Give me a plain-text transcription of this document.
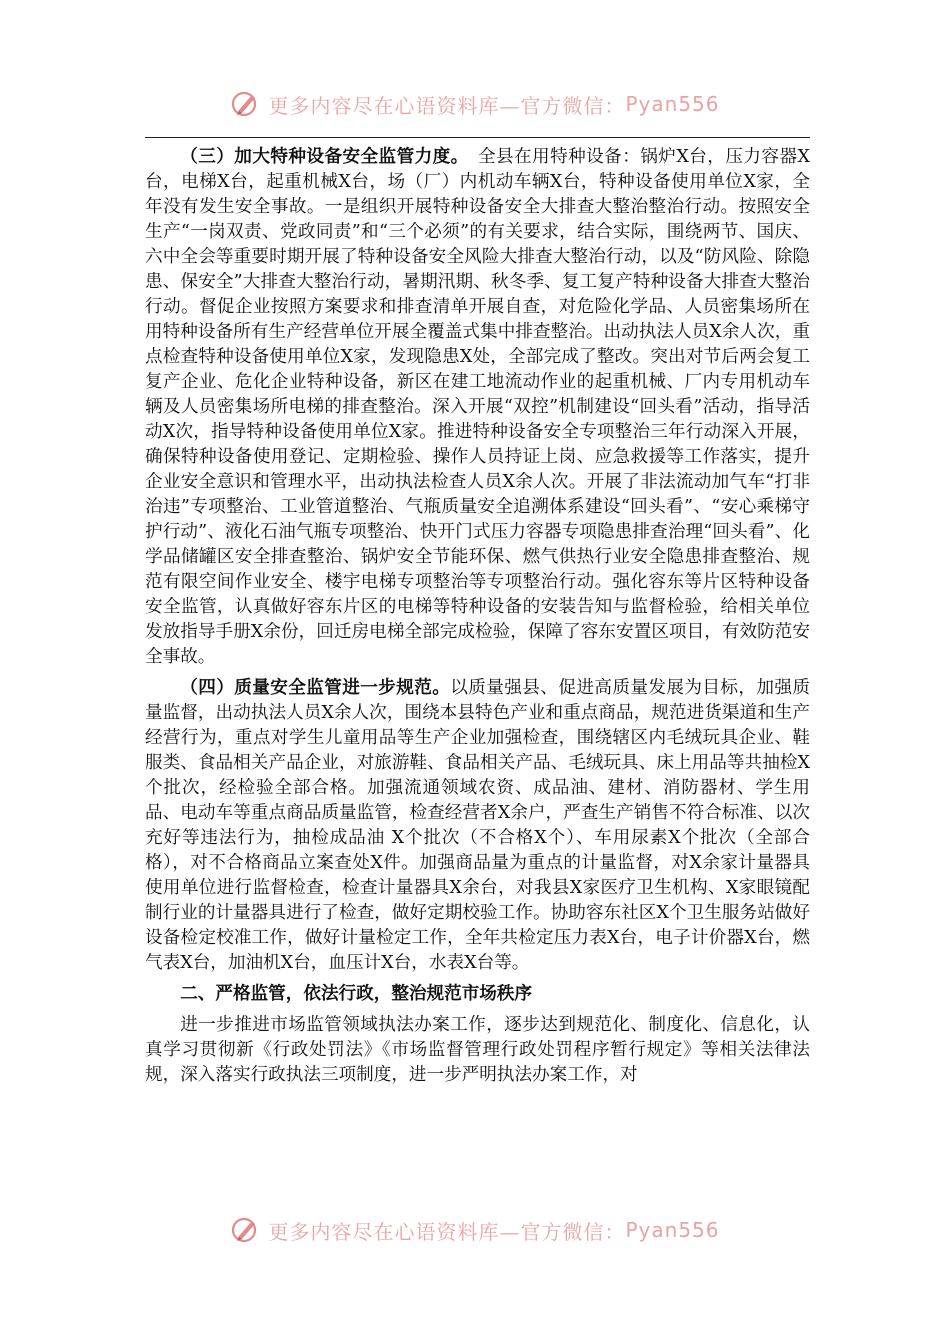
更多内容尽在心语资料库—官方微信： Pyan556

（三）加大特种设备安全监管力度。　全县在用特种设备：锅炉X台，压力容器X台，电梯X台，起重机械X台，场（厂）内机动车辆X台，特种设备使用单位X家，全年没有发生安全事故。一是组织开展特种设备安全大排查大整治整治行动。按照安全生产“一岗双责、党政同责”和“三个必须”的有关要求，结合实际，围绕两节、国庆、六中全会等重要时期开展了特种设备安全风险大排查大整治行动，以及“防风险、除隐患、保安全”大排查大整治行动，暑期汛期、秋冬季、复工复产特种设备大排查大整治行动。督促企业按照方案要求和排查清单开展自查，对危险化学品、人员密集场所在用特种设备所有生产经营单位开展全覆盖式集中排查整治。出动执法人员X余人次，重点检查特种设备使用单位X家，发现隐患X处，全部完成了整改。突出对节后两会复工复产企业、危化企业特种设备，新区在建工地流动作业的起重机械、厂内专用机动车辆及人员密集场所电梯的排查整治。深入开展“双控”机制建设“回头看”活动，指导活动X次，指导特种设备使用单位X家。推进特种设备安全专项整治三年行动深入开展，确保特种设备使用登记、定期检验、操作人员持证上岗、应急救援等工作落实，提升企业安全意识和管理水平，出动执法检查人员X余人次。开展了非法流动加气车“打非治违”专项整治、工业管道整治、气瓶质量安全追溯体系建设“回头看”、“安心乘梯守护行动”、液化石油气瓶专项整治、快开门式压力容器专项隐患排查治理“回头看”、化学品储罐区安全排查整治、锅炉安全节能环保、燃气供热行业安全隐患排查整治、规范有限空间作业安全、楼宇电梯专项整治等专项整治行动。强化容东等片区特种设备安全监管，认真做好容东片区的电梯等特种设备的安装告知与监督检验，给相关单位发放指导手册X余份，回迁房电梯全部完成检验，保障了容东安置区项目，有效防范安全事故。

（四）质量安全监管进一步规范。以质量强县、促进高质量发展为目标，加强质量监督，出动执法人员X余人次，围绕本县特色产业和重点商品，规范进货渠道和生产经营行为，重点对学生儿童用品等生产企业加强检查，围绕辖区内毛绒玩具企业、鞋服类、食品相关产品企业，对旅游鞋、食品相关产品、毛绒玩具、床上用品等共抽检X个批次，经检验全部合格。加强流通领域农资、成品油、建材、消防器材、学生用品、电动车等重点商品质量监管，检查经营者X余户，严查生产销售不符合标准、以次充好等违法行为，抽检成品油 X个批次（不合格X个）、车用尿素X个批次（全部合格），对不合格商品立案查处X件。加强商品量为重点的计量监督，对X余家计量器具使用单位进行监督检查，检查计量器具X余台，对我县X家医疗卫生机构、X家眼镜配制行业的计量器具进行了检查，做好定期校验工作。协助容东社区X个卫生服务站做好设备检定校准工作，做好计量检定工作，全年共检定压力表X台，电子计价器X台，燃气表X台，加油机X台，血压计X台，水表X台等。

二、严格监管，依法行政，整治规范市场秩序

进一步推进市场监管领域执法办案工作，逐步达到规范化、制度化、信息化，认真学习贯彻新《行政处罚法》《市场监督管理行政处罚程序暂行规定》等相关法律法规，深入落实行政执法三项制度，进一步严明执法办案工作，对

更多内容尽在心语资料库—官方微信： Pyan556
